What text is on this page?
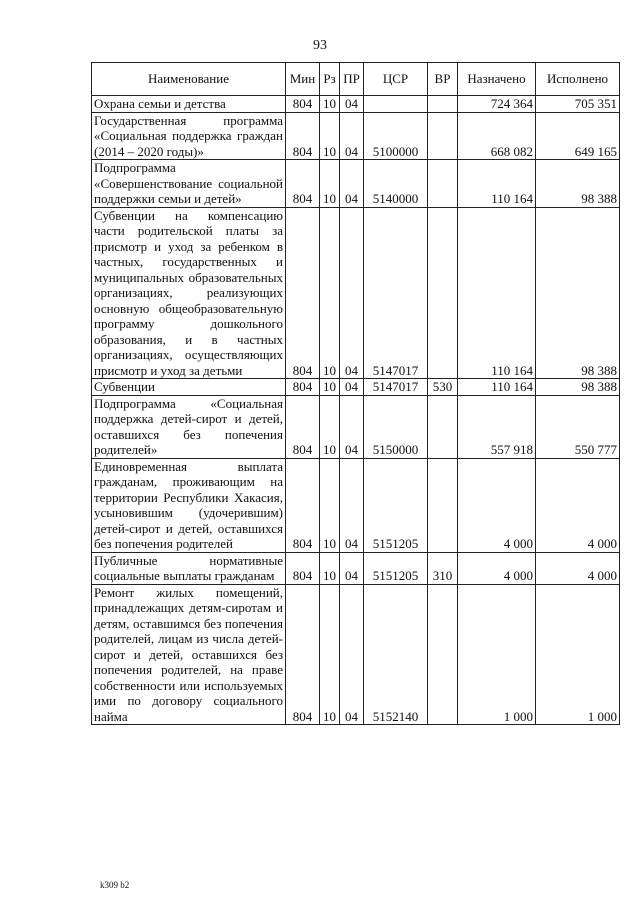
93
Наименование	Мин	Рз	ПР	ЦСР	ВР	Назначено	Исполнено
Охрана семьи и детства	804	10	04			724 364	705 351
Государственная программа «Социальная поддержка граждан (2014 – 2020 годы)»	804	10	04	5100000		668 082	649 165
Подпрограмма «Совершенствование социальной поддержки семьи и детей»	804	10	04	5140000		110 164	98 388
Субвенции на компенсацию части родительской платы за присмотр и уход за ребенком в частных, государственных и муниципальных образовательных организациях, реализующих основную общеобразовательную программу дошкольного образования, и в частных организациях, осуществляющих присмотр и уход за детьми	804	10	04	5147017		110 164	98 388
Субвенции	804	10	04	5147017	530	110 164	98 388
Подпрограмма «Социальная поддержка детей-сирот и детей, оставшихся без попечения родителей»	804	10	04	5150000		557 918	550 777
Единовременная выплата гражданам, проживающим на территории Республики Хакасия, усыновившим (удочерившим) детей-сирот и детей, оставшихся без попечения родителей	804	10	04	5151205		4 000	4 000
Публичные нормативные социальные выплаты гражданам	804	10	04	5151205	310	4 000	4 000
Ремонт жилых помещений, принадлежащих детям-сиротам и детям, оставшимся без попечения родителей, лицам из числа детей-сирот и детей, оставшихся без попечения родителей, на праве собственности или используемых ими по договору социального найма	804	10	04	5152140		1 000	1 000
k309 b2
